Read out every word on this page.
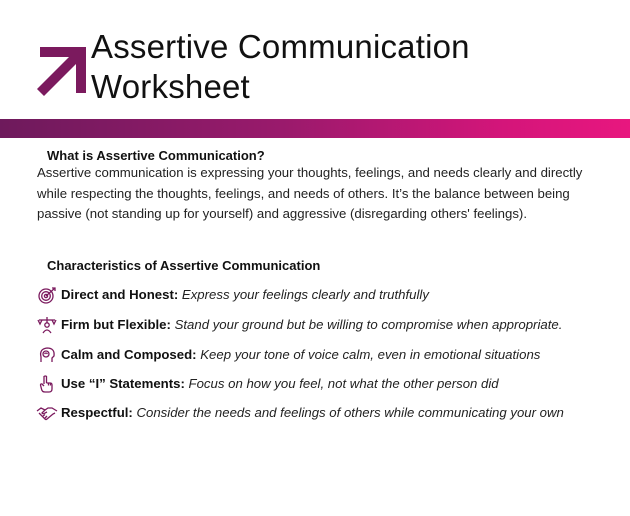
Assertive Communication
Worksheet
What is Assertive Communication?

Assertive communication is expressing your thoughts, feelings, and needs clearly and directly while respecting the thoughts, feelings, and needs of others. It’s the balance between being passive (not standing up for yourself) and aggressive (disregarding others' feelings).

Characteristics of Assertive Communication
Direct and Honest: Express your feelings clearly and truthfully
Firm but Flexible: Stand your ground but be willing to compromise when appropriate.
Calm and Composed: Keep your tone of voice calm, even in emotional situations
Use “I” Statements: Focus on how you feel, not what the other person did
Respectful: Consider the needs and feelings of others while communicating your own
